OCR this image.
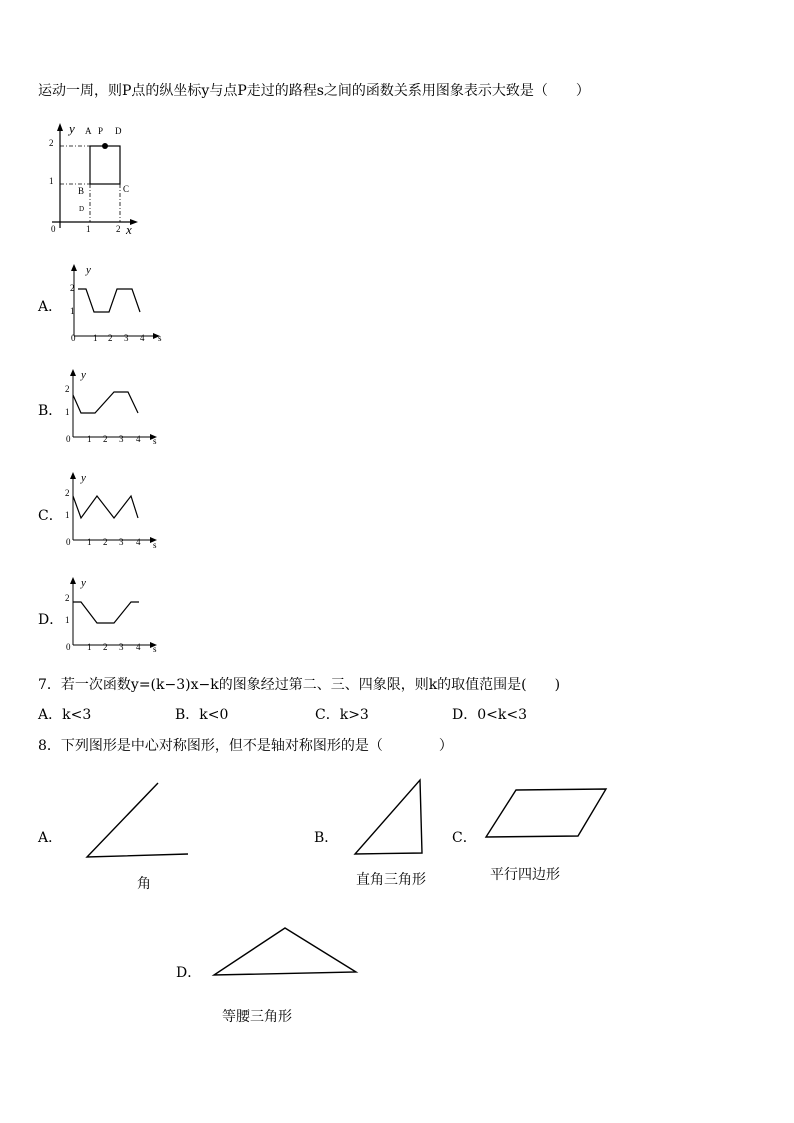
运动一周，则P点的纵坐标y与点P走过的路程s之间的函数关系用图象表示大致是（　　）
y A P D
2
1
B	C
D
0	1	2 x
A．
y
2
1
0 1 2 3 4 s
B．
y
2
1
0 1 2 3 4 s
C．
y
2
1
0 1 2 3 4 s
D．
y
2
1
0 1 2 3 4 s
7．若一次函数y=(k−3)x−k的图象经过第二、三、四象限，则k的取值范围是(　　)
A．k<3	B．k<0	C．k>3	D．0<k<3
8．下列图形是中心对称图形，但不是轴对称图形的是（　　　　）
A．
角
B．
直角三角形
C．
平行四边形
D．
等腰三角形
